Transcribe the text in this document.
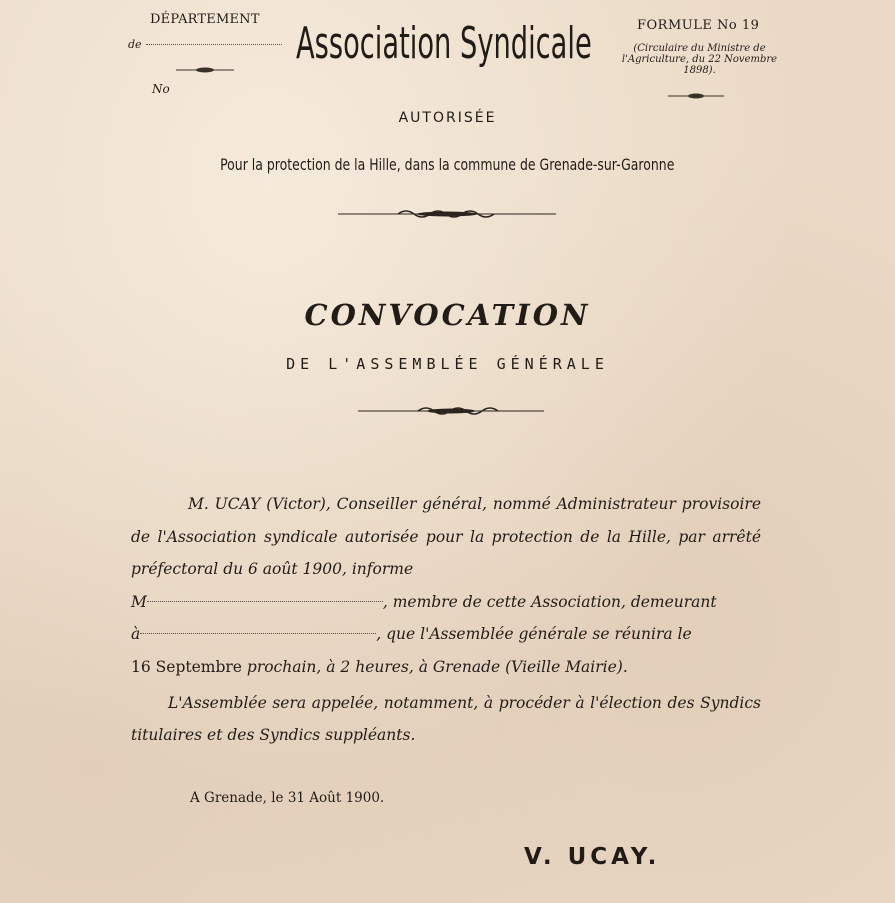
DÉPARTEMENT
de
No
Association Syndicale	FORMULE No 19
(Circulaire du Ministre de l'Agriculture, du 22 Novembre 1898).
AUTORISÉE
Pour la protection de la Hille, dans la commune de Grenade-sur-Garonne
CONVOCATION
DE L'ASSEMBLÉE GÉNÉRALE

M. UCAY (Victor), Conseiller général, nommé Administrateur provisoire de l'Association syndicale autorisée pour la protection de la Hille, par arrêté préfectoral du 6 août 1900, informe
M	, membre de cette Association, demeurant
à	, que l'Assemblée générale se réunira le
16 Septembre prochain, à 2 heures, à Grenade (Vieille Mairie).

L'Assemblée sera appelée, notamment, à procéder à l'élection des Syndics titulaires et des Syndics suppléants.

A Grenade, le 31 Août 1900.
V. UCAY.
